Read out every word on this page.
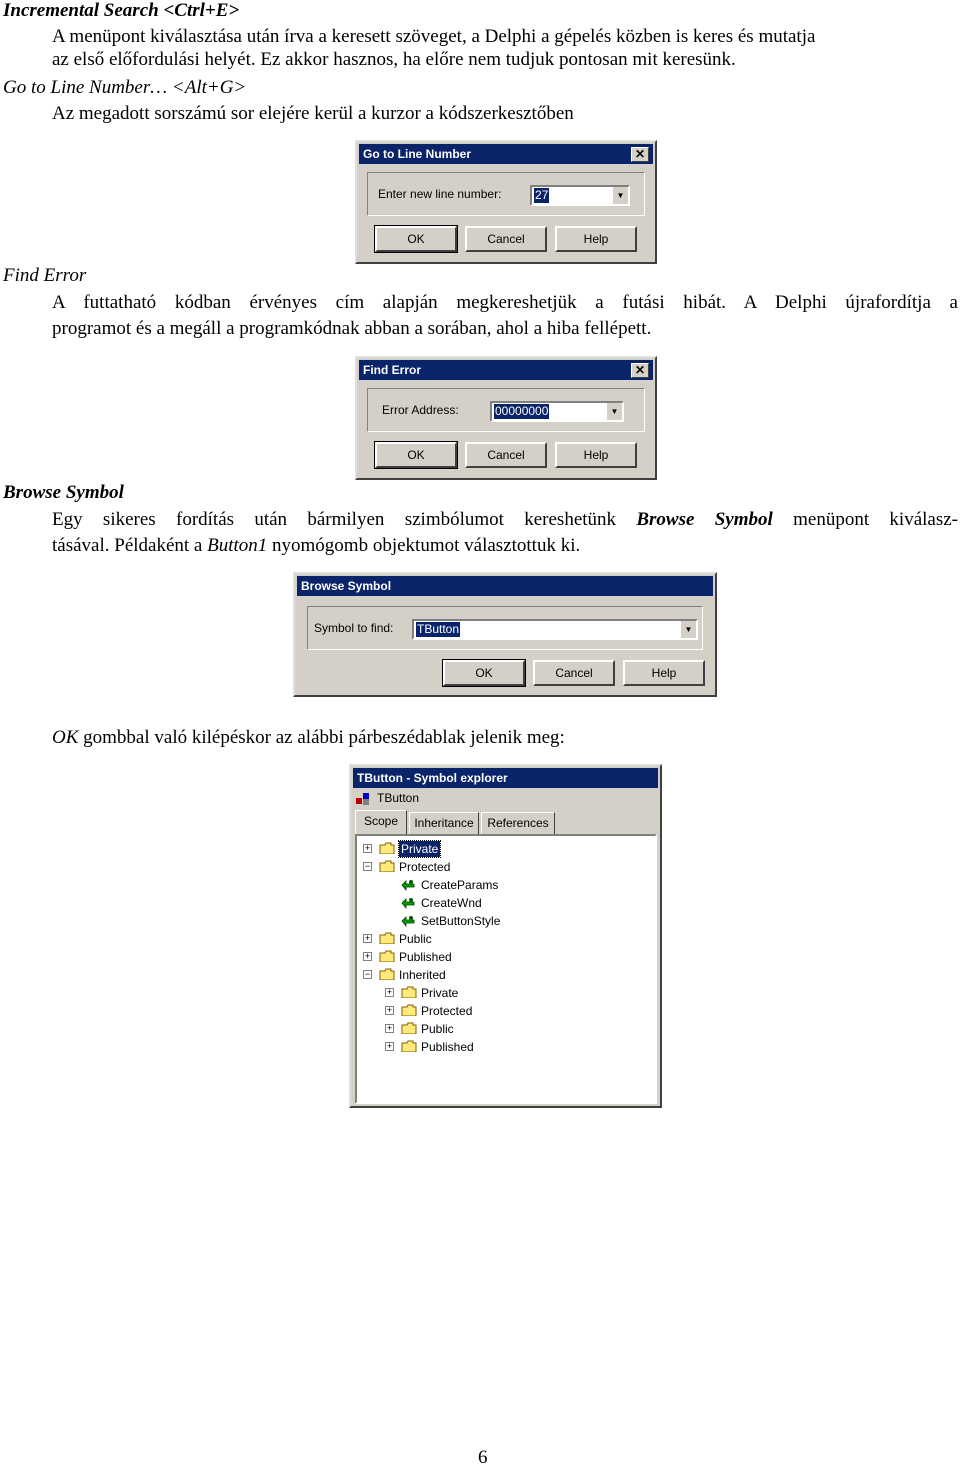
Incremental Search <Ctrl+E>
A menüpont kiválasztása után írva a keresett szöveget, a Delphi a gépelés közben is keres és mutatja
az első előfordulási helyét. Ez akkor hasznos, ha előre nem tudjuk pontosan mit keresünk.
Go to Line Number… <Alt+G>
Az megadott sorszámú sor elejére kerül a kurzor a kódszerkesztőben
Go to Line Number	✕
Enter new line number:	27	▼
OK	Cancel	Help
Find Error
A futtatható kódban érvényes cím alapján megkereshetjük a futási hibát. A Delphi újrafordítja a
programot és a megáll a programkódnak abban a sorában, ahol a hiba fellépett.
Find Error	✕
Error Address:	00000000	▼
OK	Cancel	Help
Browse Symbol
Egy sikeres fordítás után bármilyen szimbólumot kereshetünk Browse Symbol menüpont kiválasz-
tásával. Példaként a Button1 nyomógomb objektumot választottuk ki.
Browse Symbol
Symbol to find: TButton	▼
OK	Cancel	Help
OK gombbal való kilépéskor az alábbi párbeszédablak jelenik meg:
TButton - Symbol explorer
TButton
Scope	Inheritance	References
+	Private
− Protected
CreateParams
CreateWnd
SetButtonStyle
+ Public
+ Published
− Inherited
+ Private
+ Protected
+ Public
+ Published
6
